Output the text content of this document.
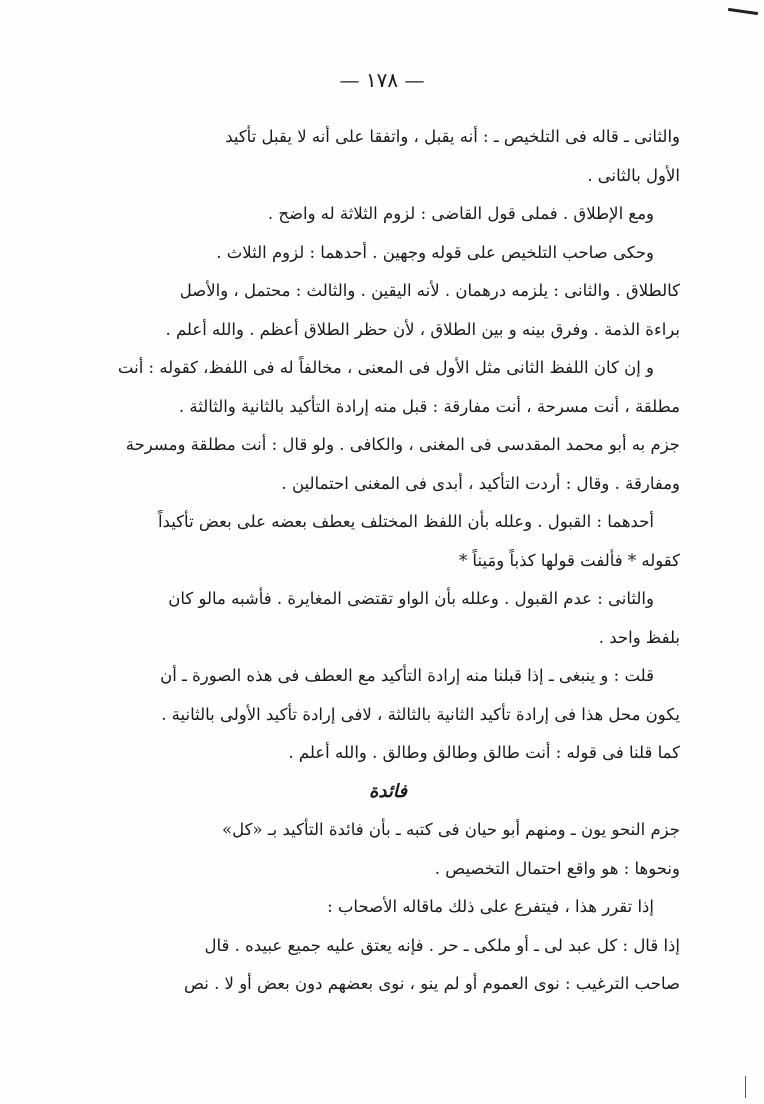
— ١٧٨ —
والثانى ـ قاله فى التلخيص ـ : أنه يقبل ، واتفقا على أنه لا يقبل تأكيد
الأول بالثانى .
ومع الإطلاق . فملى قول القاضى : لزوم الثلاثة له واضح .
وحكى صاحب التلخيص على قوله وجهين . أحدهما : لزوم الثلاث .
كالطلاق . والثانى : يلزمه درهمان . لأنه اليقين . والثالث : محتمل ، والأصل
براءة الذمة . وفرق بينه و بين الطلاق ، لأن حظر الطلاق أعظم . والله أعلم .
و إن كان اللفظ الثانى مثل الأول فى المعنى ، مخالفاً له فى اللفظ، كقوله : أنت
مطلقة ، أنت مسرحة ، أنت مفارقة : قبل منه إرادة التأكيد بالثانية والثالثة .
جزم به أبو محمد المقدسى فى المغنى ، والكافى . ولو قال : أنت مطلقة ومسرحة
ومفارقة . وقال : أردت التأكيد ، أبدى فى المغنى احتمالين .
أحدهما : القبول . وعلله بأن اللفظ المختلف يعطف بعضه على بعض تأكيداً
كقوله * فألفت قولها كذباً ومَيناً *
والثانى : عدم القبول . وعلله بأن الواو تقتضى المغايرة . فأشبه مالو كان
بلفظ واحد .
قلت : و ينبغى ـ إذا قبلنا منه إرادة التأكيد مع العطف فى هذه الصورة ـ أن
يكون محل هذا فى إرادة تأكيد الثانية بالثالثة ، لافى إرادة تأكيد الأولى بالثانية .
كما قلنا فى قوله : أنت طالق وطالق وطالق . والله أعلم .
فائدة
جزم النحو يون ـ ومنهم أبو حيان فى كتبه ـ بأن فائدة التأكيد بـ «كل»
ونحوها : هو واقع احتمال التخصيص .
إذا تقرر هذا ، فيتفرع على ذلك ماقاله الأصحاب :
إذا قال : كل عبد لى ـ أو ملكى ـ حر . فإنه يعتق عليه جميع عبيده . قال
صاحب الترغيب : نوى العموم أو لم ينو ، نوى بعضهم دون بعض أو لا . نص
